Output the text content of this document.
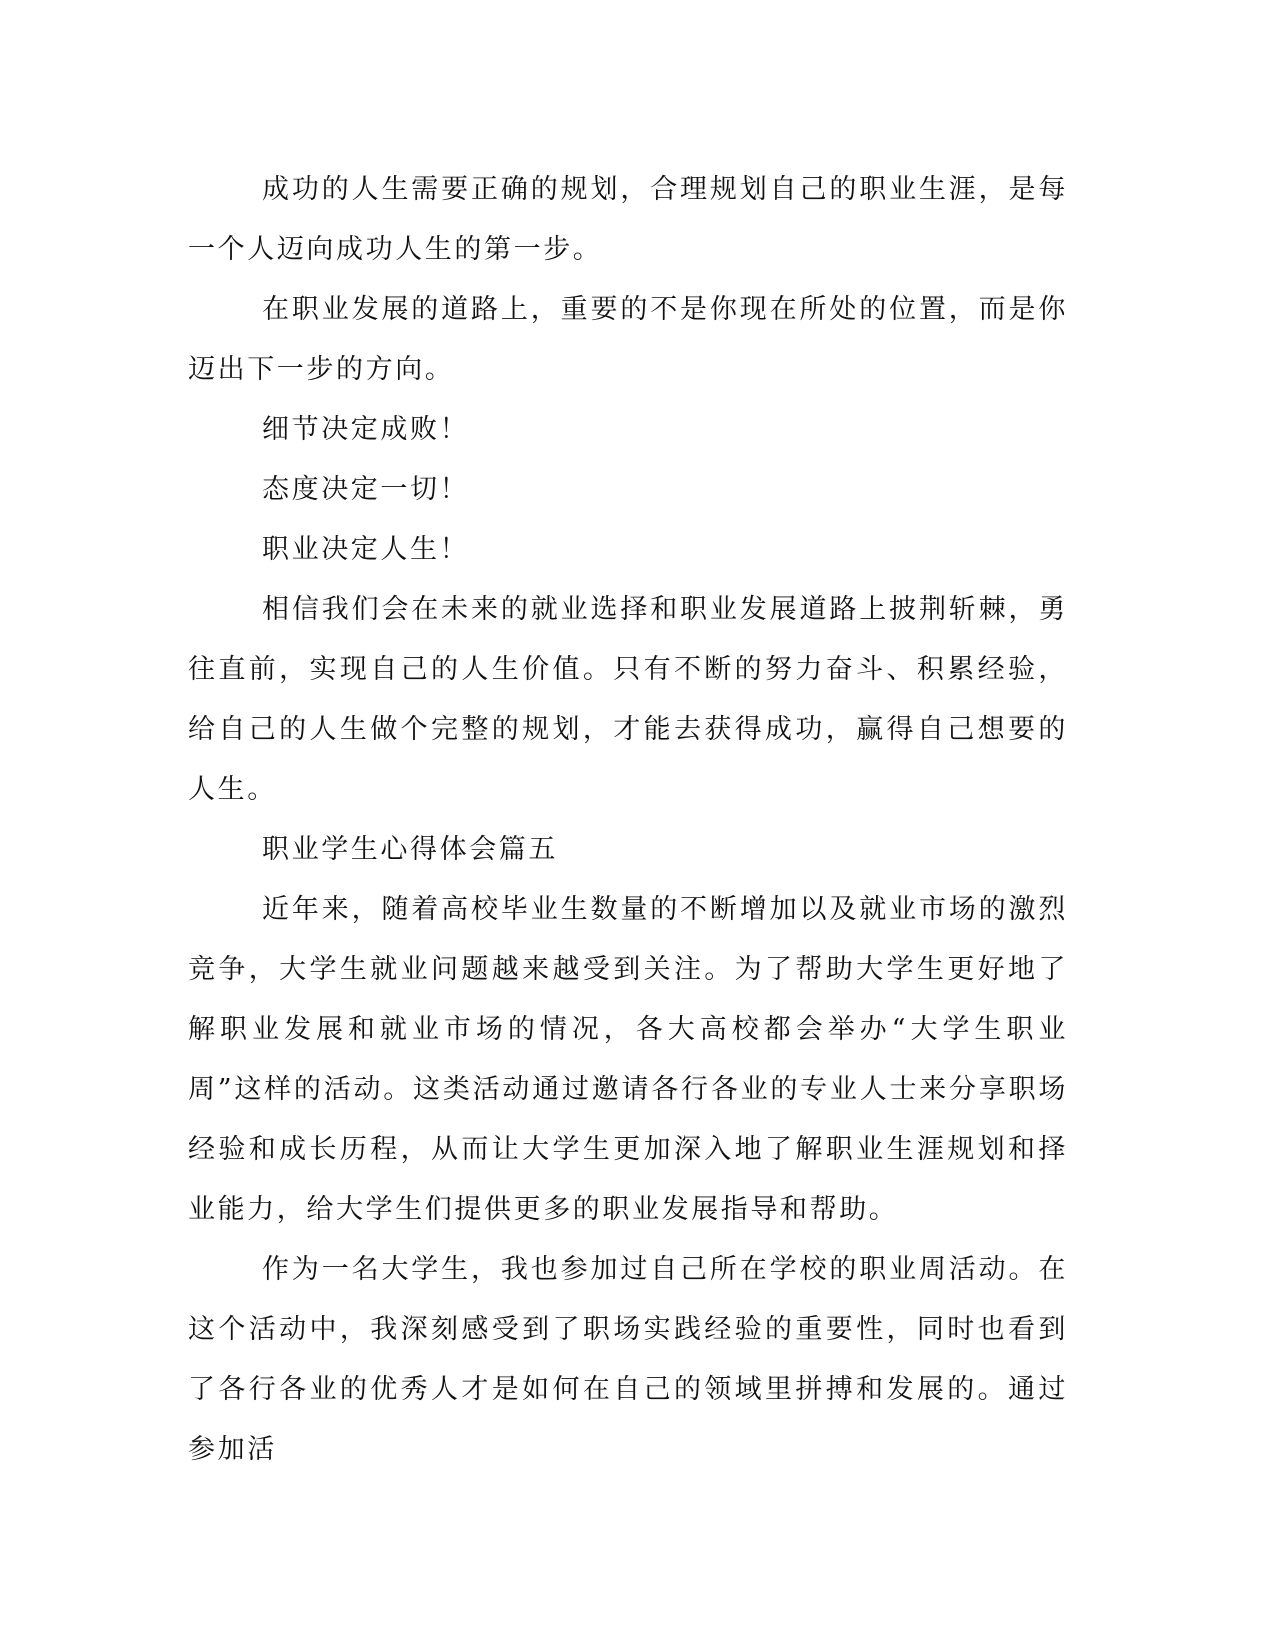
成功的人生需要正确的规划，合理规划自己的职业生涯，是每一个人迈向成功人生的第一步。

在职业发展的道路上，重要的不是你现在所处的位置，而是你迈出下一步的方向。

细节决定成败！

态度决定一切！

职业决定人生！

相信我们会在未来的就业选择和职业发展道路上披荆斩棘，勇往直前，实现自己的人生价值。只有不断的努力奋斗、积累经验，给自己的人生做个完整的规划，才能去获得成功，赢得自己想要的人生。

职业学生心得体会篇五

近年来，随着高校毕业生数量的不断增加以及就业市场的激烈竞争，大学生就业问题越来越受到关注。为了帮助大学生更好地了解职业发展和就业市场的情况，各大高校都会举办“大学生职业周”这样的活动。这类活动通过邀请各行各业的专业人士来分享职场经验和成长历程，从而让大学生更加深入地了解职业生涯规划和择业能力，给大学生们提供更多的职业发展指导和帮助。

作为一名大学生，我也参加过自己所在学校的职业周活动。在这个活动中，我深刻感受到了职场实践经验的重要性，同时也看到了各行各业的优秀人才是如何在自己的领域里拼搏和发展的。通过参加活
